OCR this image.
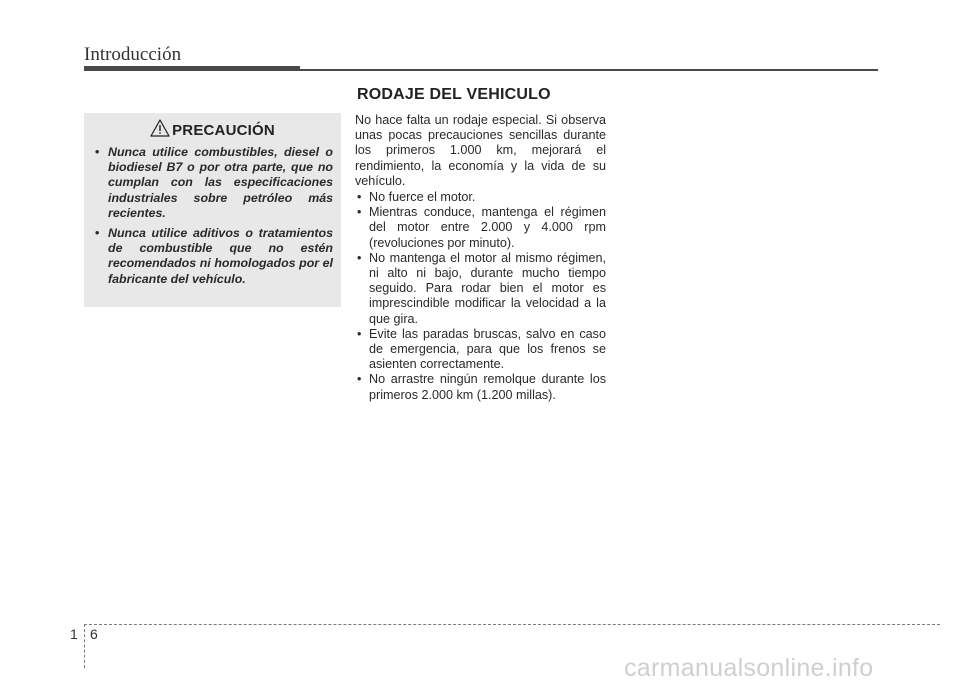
Introducción
RODAJE DEL VEHICULO
PRECAUCIÓN
• Nunca utilice combustibles, diesel o biodiesel B7 o por otra parte, que no cumplan con las especificaciones industriales sobre petróleo más recientes.
• Nunca utilice aditivos o tratamientos de combustible que no estén recomendados ni homologados por el fabricante del vehículo.

No hace falta un rodaje especial. Si observa unas pocas precauciones sencillas durante los primeros 1.000 km, mejorará el rendimiento, la economía y la vida de su vehículo.

• No fuerce el motor.
• Mientras conduce, mantenga el régimen del motor entre 2.000 y 4.000 rpm (revoluciones por minuto).
• No mantenga el motor al mismo régimen, ni alto ni bajo, durante mucho tiempo seguido. Para rodar bien el motor es imprescindible modificar la velocidad a la que gira.
• Evite las paradas bruscas, salvo en caso de emergencia, para que los frenos se asienten correctamente.
• No arrastre ningún remolque durante los primeros 2.000 km (1.200 millas).
1 6
carmanualsonline.info
